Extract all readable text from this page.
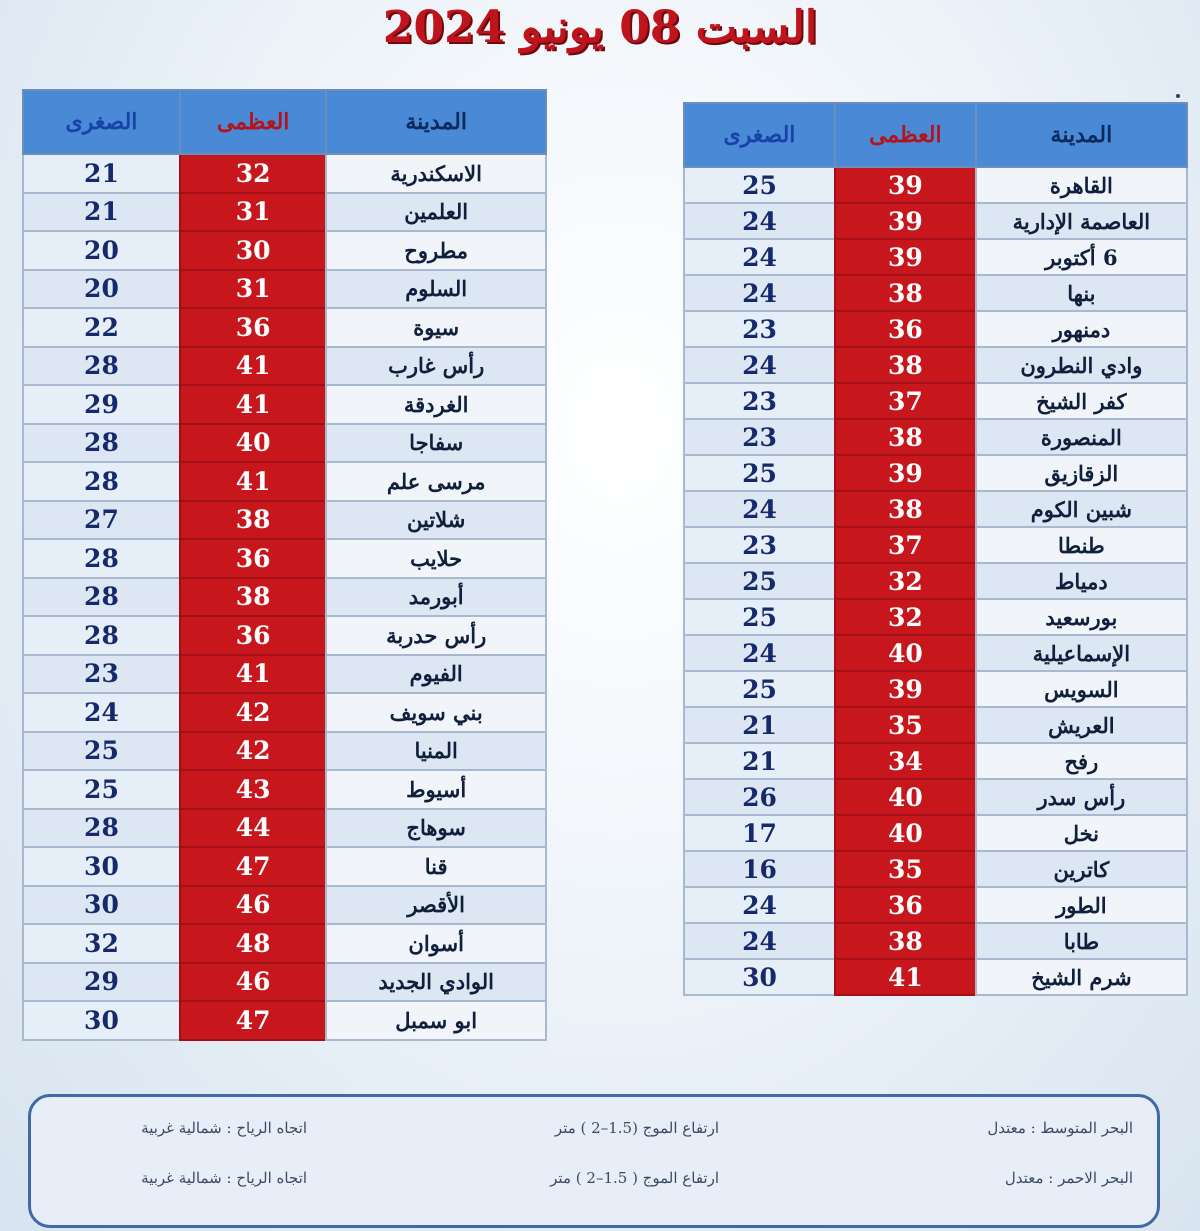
السبت 08 يونيو 2024
المدينة	العظمى	الصغرى
القاهرة	39	25
العاصمة الإدارية	39	24
6 أكتوبر	39	24
بنها	38	24
دمنهور	36	23
وادي النطرون	38	24
كفر الشيخ	37	23
المنصورة	38	23
الزقازيق	39	25
شبين الكوم	38	24
طنطا	37	23
دمياط	32	25
بورسعيد	32	25
الإسماعيلية	40	24
السويس	39	25
العريش	35	21
رفح	34	21
رأس سدر	40	26
نخل	40	17
كاترين	35	16
الطور	36	24
طابا	38	24
شرم الشيخ	41	30
المدينة	العظمى	الصغرى
الاسكندرية	32	21
العلمين	31	21
مطروح	30	20
السلوم	31	20
سيوة	36	22
رأس غارب	41	28
الغردقة	41	29
سفاجا	40	28
مرسى علم	41	28
شلاتين	38	27
حلايب	36	28
أبورمد	38	28
رأس حدربة	36	28
الفيوم	41	23
بني سويف	42	24
المنيا	42	25
أسيوط	43	25
سوهاج	44	28
قنا	47	30
الأقصر	46	30
أسوان	48	32
الوادي الجديد	46	29
ابو سمبل	47	30
البحر المتوسط : معتدل
ارتفاع الموج (1.5–2 ) متر
اتجاه الرياح : شمالية غربية
البحر الاحمر : معتدل
ارتفاع الموج ( 1.5–2 ) متر
اتجاه الرياح : شمالية غربية
